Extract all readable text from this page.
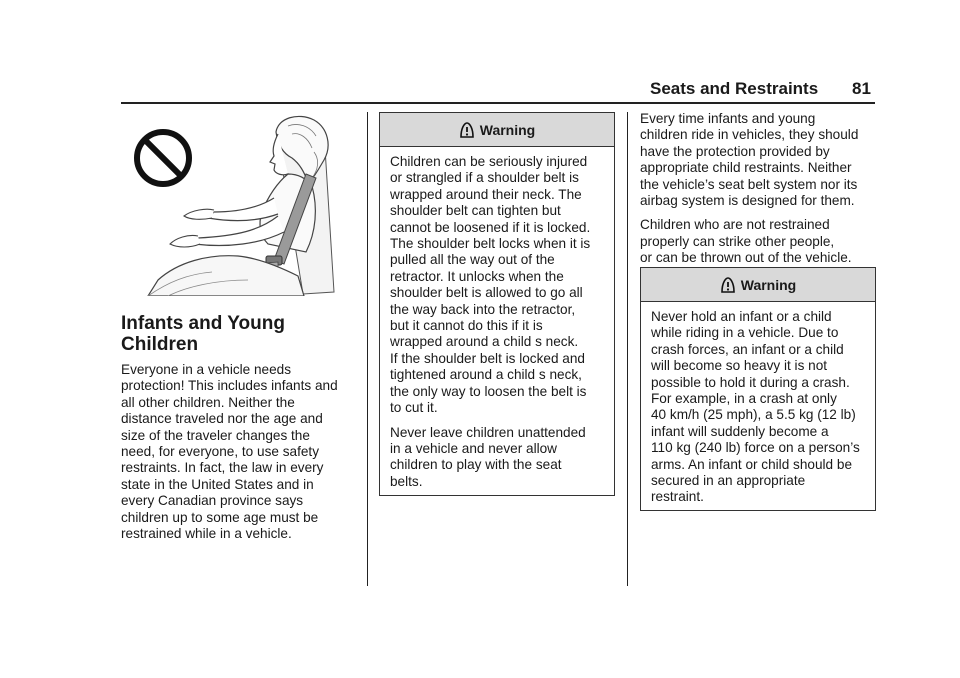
Seats and Restraints 81
Infants and Young
Children

Everyone in a vehicle needs
protection! This includes infants and
all other children. Neither the
distance traveled nor the age and
size of the traveler changes the
need, for everyone, to use safety
restraints. In fact, the law in every
state in the United States and in
every Canadian province says
children up to some age must be
restrained while in a vehicle.

Warning

Children can be seriously injured
or strangled if a shoulder belt is
wrapped around their neck. The
shoulder belt can tighten but
cannot be loosened if it is locked.
The shoulder belt locks when it is
pulled all the way out of the
retractor. It unlocks when the
shoulder belt is allowed to go all
the way back into the retractor,
but it cannot do this if it is
wrapped around a child s neck.
If the shoulder belt is locked and
tightened around a child s neck,
the only way to loosen the belt is
to cut it.

Never leave children unattended
in a vehicle and never allow
children to play with the seat
belts.

Every time infants and young
children ride in vehicles, they should
have the protection provided by
appropriate child restraints. Neither
the vehicle’s seat belt system nor its
airbag system is designed for them.

Children who are not restrained
properly can strike other people,
or can be thrown out of the vehicle.

Warning

Never hold an infant or a child
while riding in a vehicle. Due to
crash forces, an infant or a child
will become so heavy it is not
possible to hold it during a crash.
For example, in a crash at only
40 km/h (25 mph), a 5.5 kg (12 lb)
infant will suddenly become a
110 kg (240 lb) force on a person’s
arms. An infant or child should be
secured in an appropriate
restraint.
